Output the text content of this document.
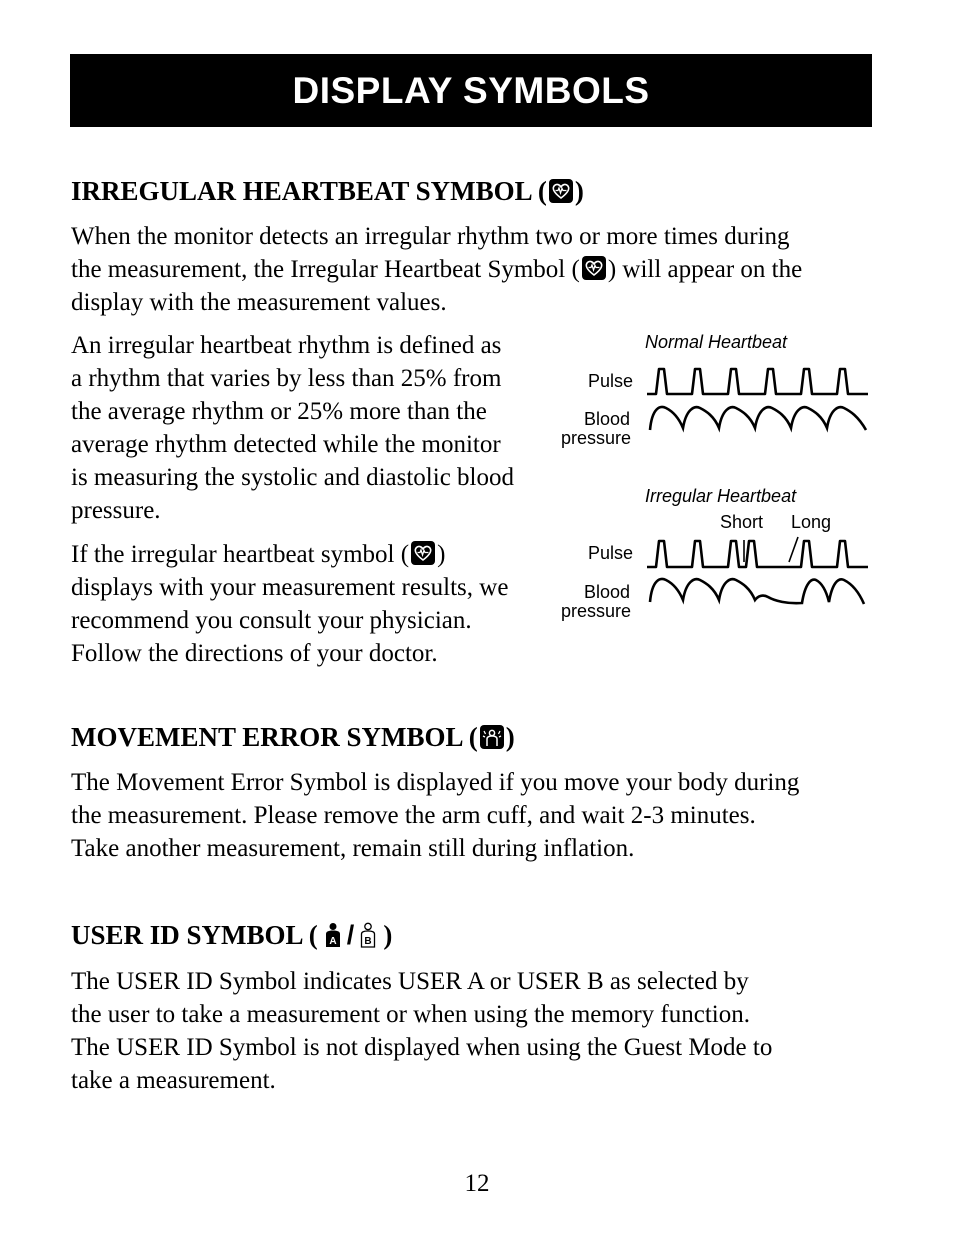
DISPLAY SYMBOLS
IRREGULAR HEARTBEAT SYMBOL ( )
When the monitor detects an irregular rhythm two or more times during
the measurement, the Irregular Heartbeat Symbol ( ) will appear on the
display with the measurement values.
An irregular heartbeat rhythm is defined as
a rhythm that varies by less than 25% from
the average rhythm or 25% more than the
average rhythm detected while the monitor
is measuring the systolic and diastolic blood
pressure.
If the irregular heartbeat symbol ( )
displays with your measurement results, we
recommend you consult your physician.
Follow the directions of your doctor.
Normal Heartbeat
Pulse
Blood
pressure
Irregular Heartbeat
Short Long
Pulse
Blood
pressure
MOVEMENT ERROR SYMBOL ( )
The Movement Error Symbol is displayed if you move your body during
the measurement. Please remove the arm cuff, and wait 2-3 minutes.
Take another measurement, remain still during inflation.
USER ID SYMBOL ( A / B )
The USER ID Symbol indicates USER A or USER B as selected by
the user to take a measurement or when using the memory function.
The USER ID Symbol is not displayed when using the Guest Mode to
take a measurement.
12
